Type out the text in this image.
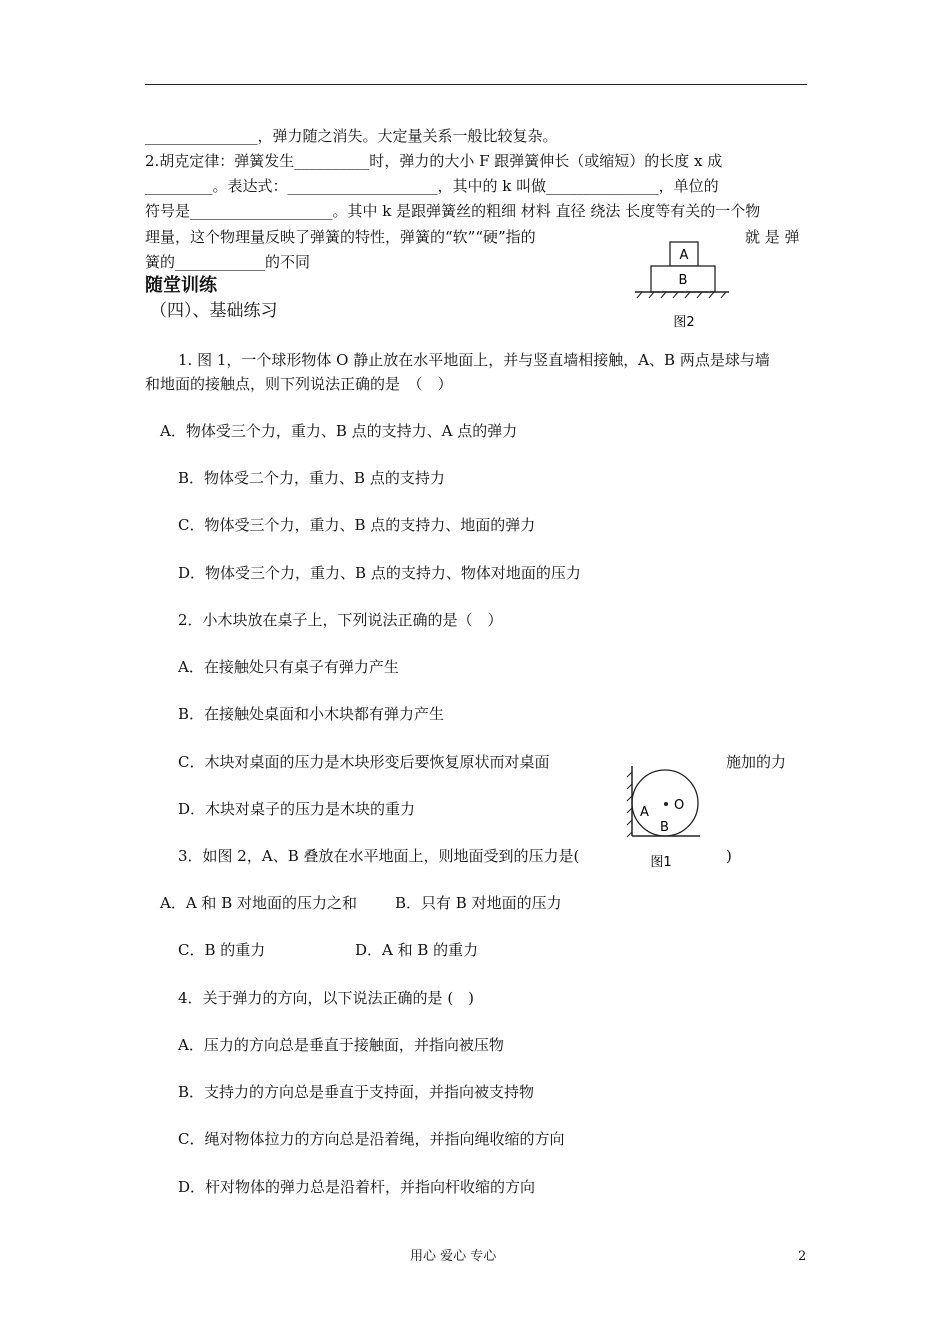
_______________，弹力随之消失。大定量关系一般比较复杂。
2.胡克定律：弹簧发生__________时，弹力的大小 F 跟弹簧伸长（或缩短）的长度 x 成
_________。表达式：____________________，其中的 k 叫做_______________，单位的
符号是___________________。其中 k 是跟弹簧丝的粗细 材料 直径 绕法 长度等有关的一个物
理量，这个物理量反映了弹簧的特性，弹簧的“软”“硬”指的	就 是 弹
簧的____________的不同
随堂训练
（四）、基础练习
A
B
图2
1. 图 1，一个球形物体 O 静止放在水平地面上，并与竖直墙相接触，A、B 两点是球与墙
和地面的接触点，则下列说法正确的是　（　）
A．物体受三个力，重力、B 点的支持力、A 点的弹力
B．物体受二个力，重力、B 点的支持力
C．物体受三个力，重力、B 点的支持力、地面的弹力
D．物体受三个力，重力、B 点的支持力、物体对地面的压力
2．小木块放在桌子上，下列说法正确的是（　）
A．在接触处只有桌子有弹力产生
B．在接触处桌面和小木块都有弹力产生
C．木块对桌面的压力是木块形变后要恢复原状而对桌面	施加的力
D．木块对桌子的压力是木块的重力	O
A
B
图1
3．如图 2，A、B 叠放在水平地面上，则地面受到的压力是(	)
A．A 和 B 对地面的压力之和	B．只有 B 对地面的压力
C．B 的重力	D．A 和 B 的重力
4．关于弹力的方向，以下说法正确的是 (　)
A．压力的方向总是垂直于接触面，并指向被压物
B．支持力的方向总是垂直于支持面，并指向被支持物
C．绳对物体拉力的方向总是沿着绳，并指向绳收缩的方向
D．杆对物体的弹力总是沿着杆，并指向杆收缩的方向
用心 爱心 专心	2
